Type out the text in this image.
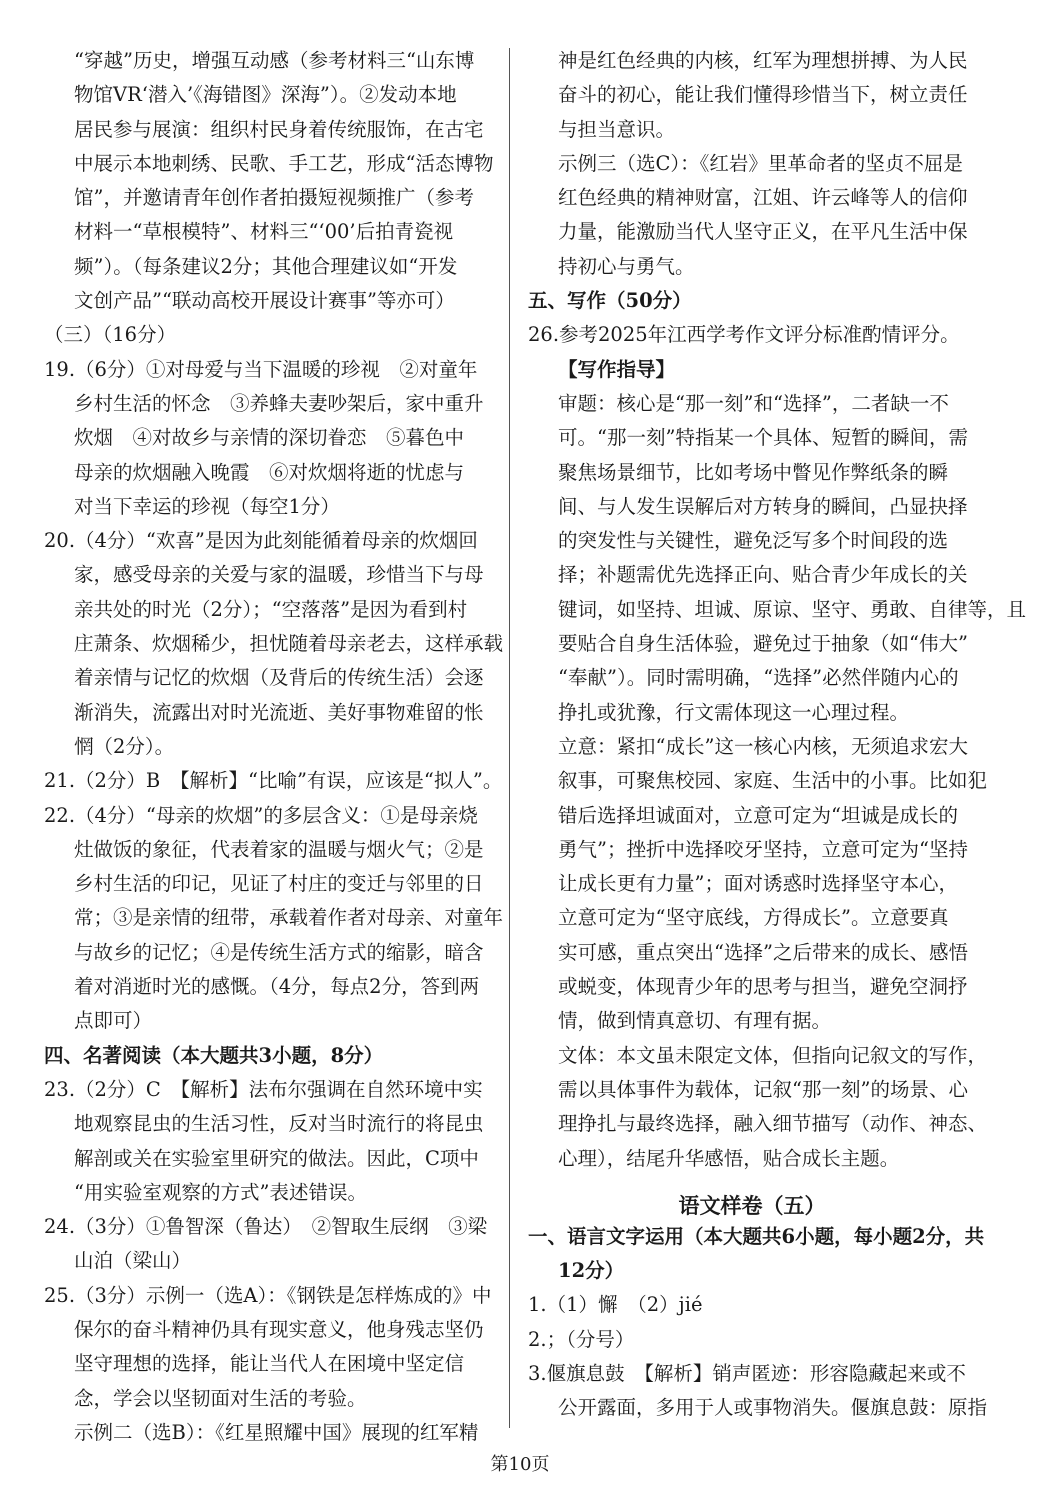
“穿越”历史，增强互动感（参考材料三“山东博
物馆VR‘潜入’《海错图》深海”）。②发动本地
居民参与展演：组织村民身着传统服饰，在古宅
中展示本地刺绣、民歌、手工艺，形成“活态博物
馆”，并邀请青年创作者拍摄短视频推广（参考
材料一“草根模特”、材料三“‘00’后拍青瓷视
频”）。（每条建议2分；其他合理建议如“开发
文创产品”“联动高校开展设计赛事”等亦可）
（三）（16分）
19.（6分）①对母爱与当下温暖的珍视　②对童年
乡村生活的怀念　③养蜂夫妻吵架后，家中重升
炊烟　④对故乡与亲情的深切眷恋　⑤暮色中
母亲的炊烟融入晚霞　⑥对炊烟将逝的忧虑与
对当下幸运的珍视（每空1分）
20.（4分）“欢喜”是因为此刻能循着母亲的炊烟回
家，感受母亲的关爱与家的温暖，珍惜当下与母
亲共处的时光（2分）；“空落落”是因为看到村
庄萧条、炊烟稀少，担忧随着母亲老去，这样承载
着亲情与记忆的炊烟（及背后的传统生活）会逐
渐消失，流露出对时光流逝、美好事物难留的怅
惘（2分）。
21.（2分）B　【解析】“比喻”有误，应该是“拟人”。
22.（4分）“母亲的炊烟”的多层含义：①是母亲烧
灶做饭的象征，代表着家的温暖与烟火气；②是
乡村生活的印记，见证了村庄的变迁与邻里的日
常；③是亲情的纽带，承载着作者对母亲、对童年
与故乡的记忆；④是传统生活方式的缩影，暗含
着对消逝时光的感慨。（4分，每点2分，答到两
点即可）
四、名著阅读（本大题共3小题，8分）
23.（2分）C　【解析】法布尔强调在自然环境中实
地观察昆虫的生活习性，反对当时流行的将昆虫
解剖或关在实验室里研究的做法。因此，C项中
“用实验室观察的方式”表述错误。
24.（3分）①鲁智深（鲁达）　②智取生辰纲　③梁
山泊（梁山）
25.（3分）示例一（选A）：《钢铁是怎样炼成的》中
保尔的奋斗精神仍具有现实意义，他身残志坚仍
坚守理想的选择，能让当代人在困境中坚定信
念，学会以坚韧面对生活的考验。
示例二（选B）：《红星照耀中国》展现的红军精
神是红色经典的内核，红军为理想拼搏、为人民
奋斗的初心，能让我们懂得珍惜当下，树立责任
与担当意识。
示例三（选C）：《红岩》里革命者的坚贞不屈是
红色经典的精神财富，江姐、许云峰等人的信仰
力量，能激励当代人坚守正义，在平凡生活中保
持初心与勇气。
五、写作（50分）
26.参考2025年江西学考作文评分标准酌情评分。
【写作指导】
审题：核心是“那一刻”和“选择”，二者缺一不
可。“那一刻”特指某一个具体、短暂的瞬间，需
聚焦场景细节，比如考场中瞥见作弊纸条的瞬
间、与人发生误解后对方转身的瞬间，凸显抉择
的突发性与关键性，避免泛写多个时间段的选
择；补题需优先选择正向、贴合青少年成长的关
键词，如坚持、坦诚、原谅、坚守、勇敢、自律等，且
要贴合自身生活体验，避免过于抽象（如“伟大”
“奉献”）。同时需明确，“选择”必然伴随内心的
挣扎或犹豫，行文需体现这一心理过程。
立意：紧扣“成长”这一核心内核，无须追求宏大
叙事，可聚焦校园、家庭、生活中的小事。比如犯
错后选择坦诚面对，立意可定为“坦诚是成长的
勇气”；挫折中选择咬牙坚持，立意可定为“坚持
让成长更有力量”；面对诱惑时选择坚守本心，
立意可定为“坚守底线，方得成长”。立意要真
实可感，重点突出“选择”之后带来的成长、感悟
或蜕变，体现青少年的思考与担当，避免空洞抒
情，做到情真意切、有理有据。
文体：本文虽未限定文体，但指向记叙文的写作，
需以具体事件为载体，记叙“那一刻”的场景、心
理挣扎与最终选择，融入细节描写（动作、神态、
心理），结尾升华感悟，贴合成长主题。
语文样卷（五）
一、语言文字运用（本大题共6小题，每小题2分，共
12分）
1.（1）懈　（2）jié
2.；（分号）
3.偃旗息鼓　【解析】销声匿迹：形容隐藏起来或不
公开露面，多用于人或事物消失。偃旗息鼓：原指
第10页
